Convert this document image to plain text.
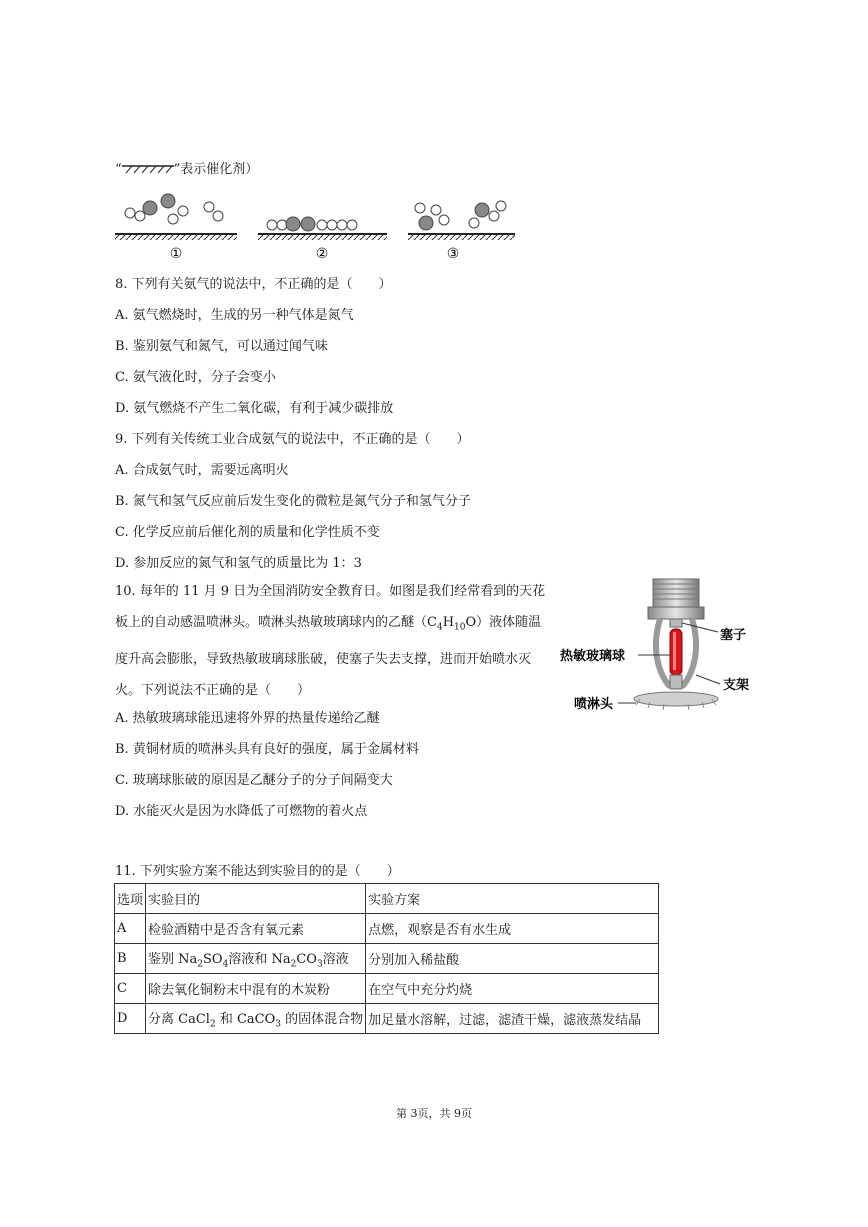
“	”表示催化剂）
①	②	③
8. 下列有关氨气的说法中，不正确的是（　　）
A. 氨气燃烧时，生成的另一种气体是氮气
B. 鉴别氨气和氮气，可以通过闻气味
C. 氨气液化时，分子会变小
D. 氨气燃烧不产生二氧化碳，有利于减少碳排放
9. 下列有关传统工业合成氨气的说法中，不正确的是（　　）
A. 合成氨气时，需要远离明火
B. 氮气和氢气反应前后发生变化的微粒是氮气分子和氢气分子
C. 化学反应前后催化剂的质量和化学性质不变
D. 参加反应的氮气和氢气的质量比为 1：3
10. 每年的 11 月 9 日为全国消防安全教育日。如图是我们经常看到的天花板上的自动感温喷淋头。喷淋头热敏玻璃球内的乙醚$(C_4H_{10}O)$液体随温度升高会膨胀，导致热敏玻璃球胀破，使塞子失去支撑，进而开始喷水灭火。下列说法不正确的是（　　）
A. 热敏玻璃球能迅速将外界的热量传递给乙醚
B. 黄铜材质的喷淋头具有良好的强度，属于金属材料
C. 玻璃球胀破的原因是乙醚分子的分子间隔变大
D. 水能灭火是因为水降低了可燃物的着火点
塞子
热敏玻璃球
支架
喷淋头
11. 下列实验方案不能达到实验目的的是（　　）
选项	实验目的	实验方案
A	检验酒精中是否含有氧元素	点燃，观察是否有水生成
B	鉴别 $Na_2SO_4$溶液和 $Na_2CO_3$溶液	分别加入稀盐酸
C	除去氧化铜粉末中混有的木炭粉	在空气中充分灼烧
D	分离 CaCl$_2$ 和 CaCO$_3$ 的固体混合物	加足量水溶解，过滤，滤渣干燥，滤液蒸发结晶
第 3页，共 9页
